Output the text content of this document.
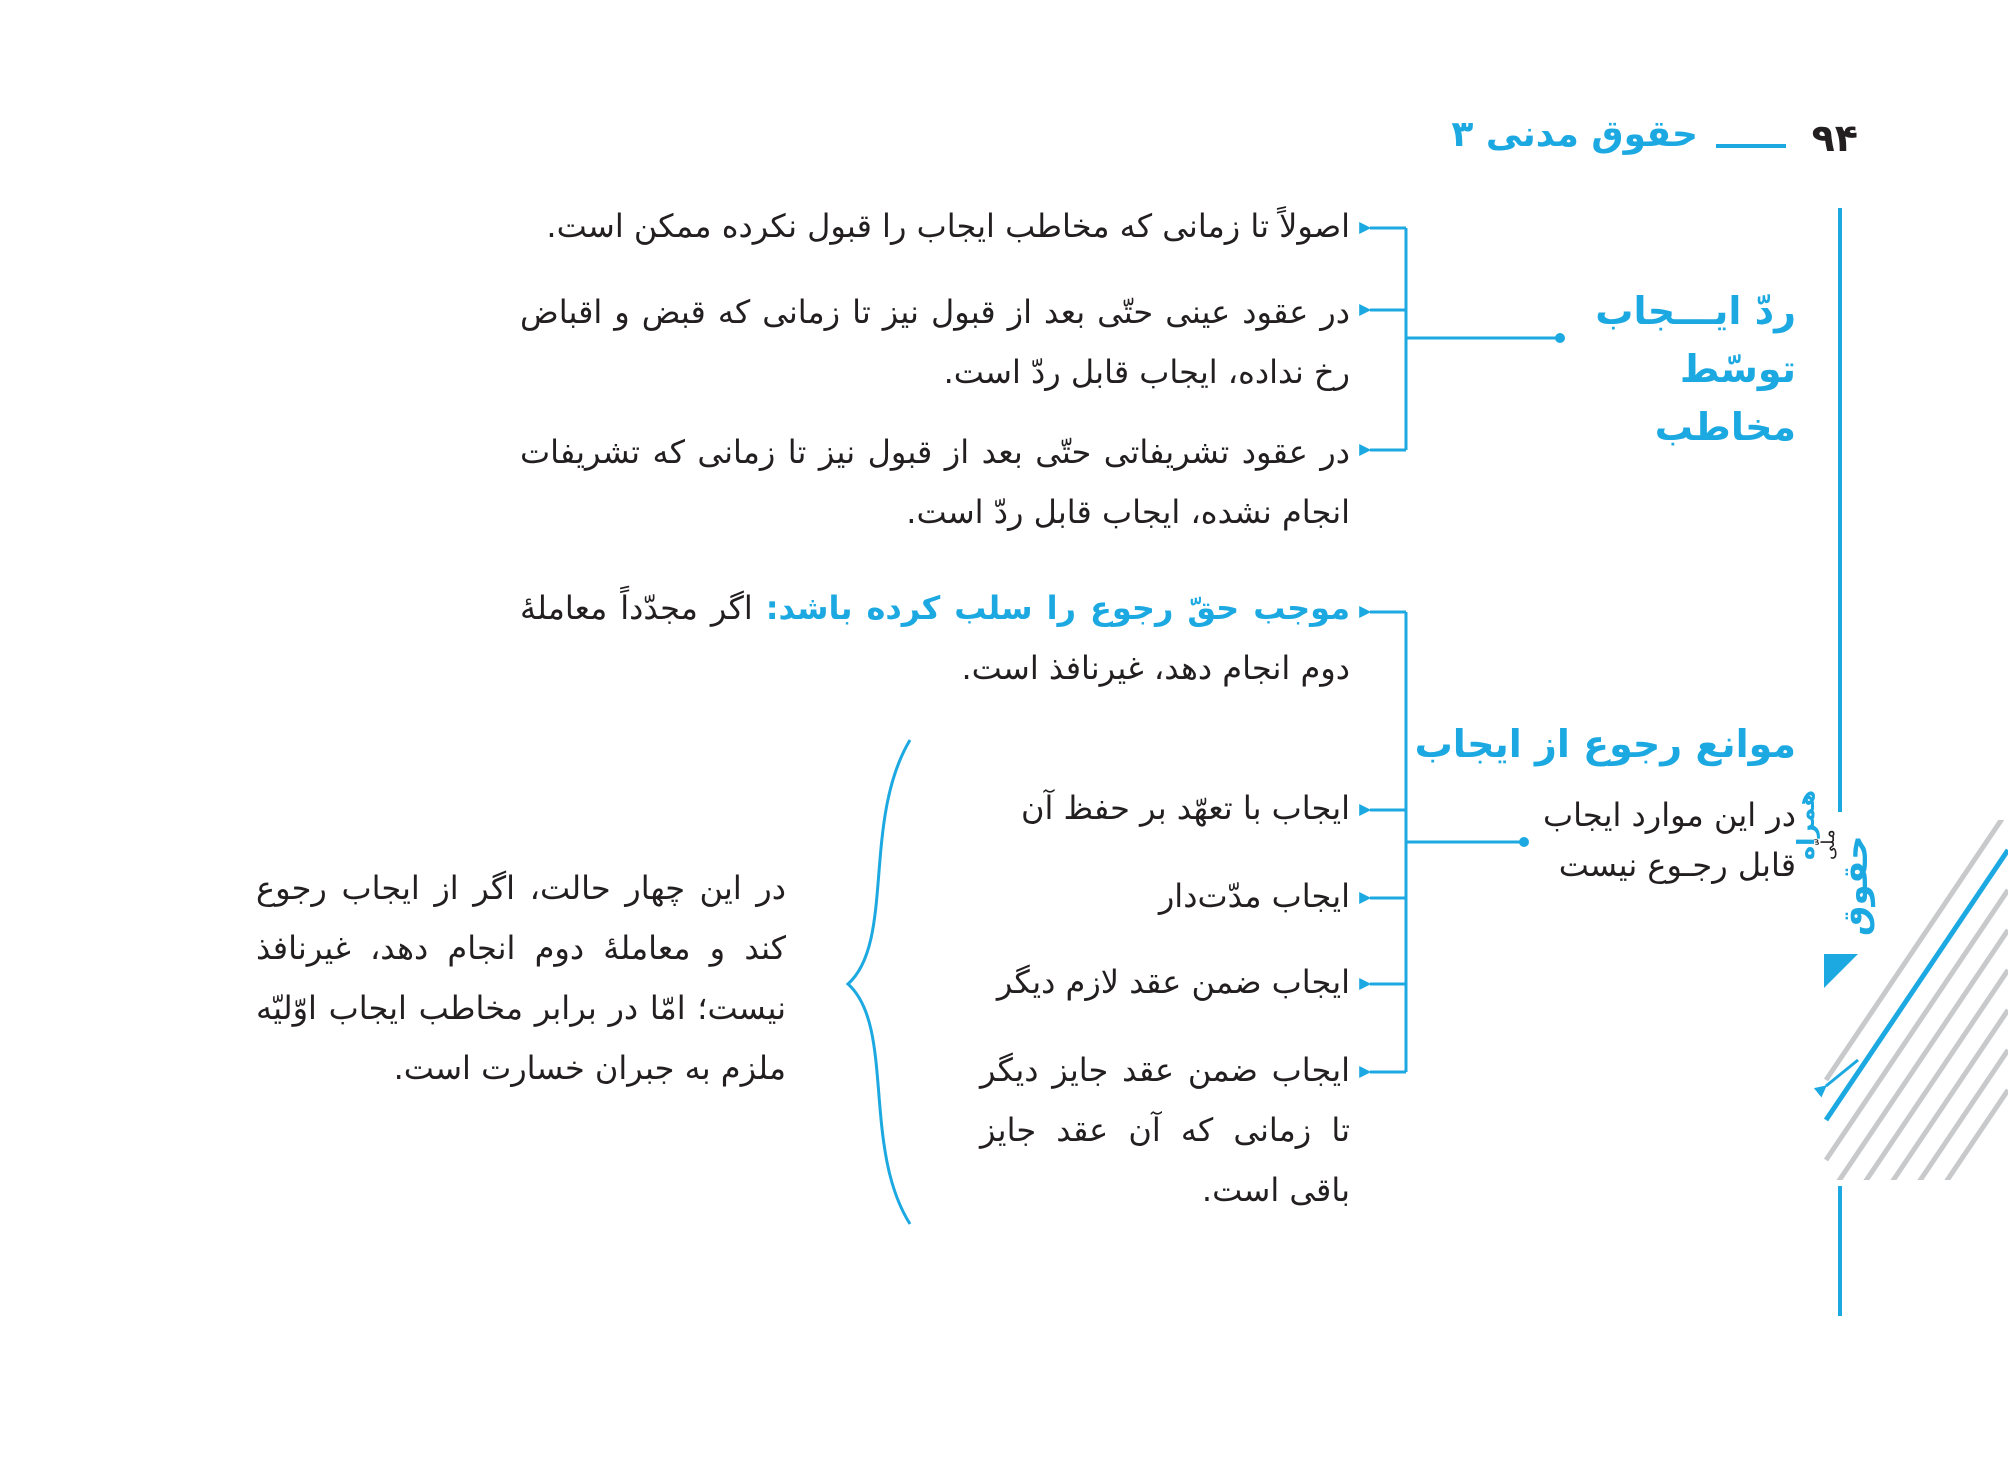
۹۴
حقوق مدنی ۳
ردّ ایـــجاب
توسّط مخاطب
اصولاً تا زمانی که مخاطب ایجاب را قبول نکرده ممکن است.
در عقود عینی حتّی بعد از قبول نیز تا زمانی که قبض و اقباض رخ نداده، ایجاب قابل ردّ است.
در عقود تشریفاتی حتّی بعد از قبول نیز تا زمانی که تشریفات انجام نشده، ایجاب قابل ردّ است.
موانع رجوع از ایجاب
در این موارد ایجاب قابل رجـوع نیست
موجب حقّ رجوع را سلب کرده باشد: اگر مجدّداً معاملهٔ دوم انجام دهد، غیرنافذ است.
ایجاب با تعهّد بر حفظ آن
ایجاب مدّت‌دار
ایجاب ضمن عقد لازم دیگر
ایجاب ضمن عقد جایز دیگر تا زمانی که آن عقد جایز باقی است.
در این چهار حالت، اگر از ایجاب رجوع کند و معاملهٔ دوم انجام دهد، غیرنافذ نیست؛ امّا در برابر مخاطب ایجاب اوّلیّه ملزم به جبران خسارت است.
همراه
ملّی
حقوق
